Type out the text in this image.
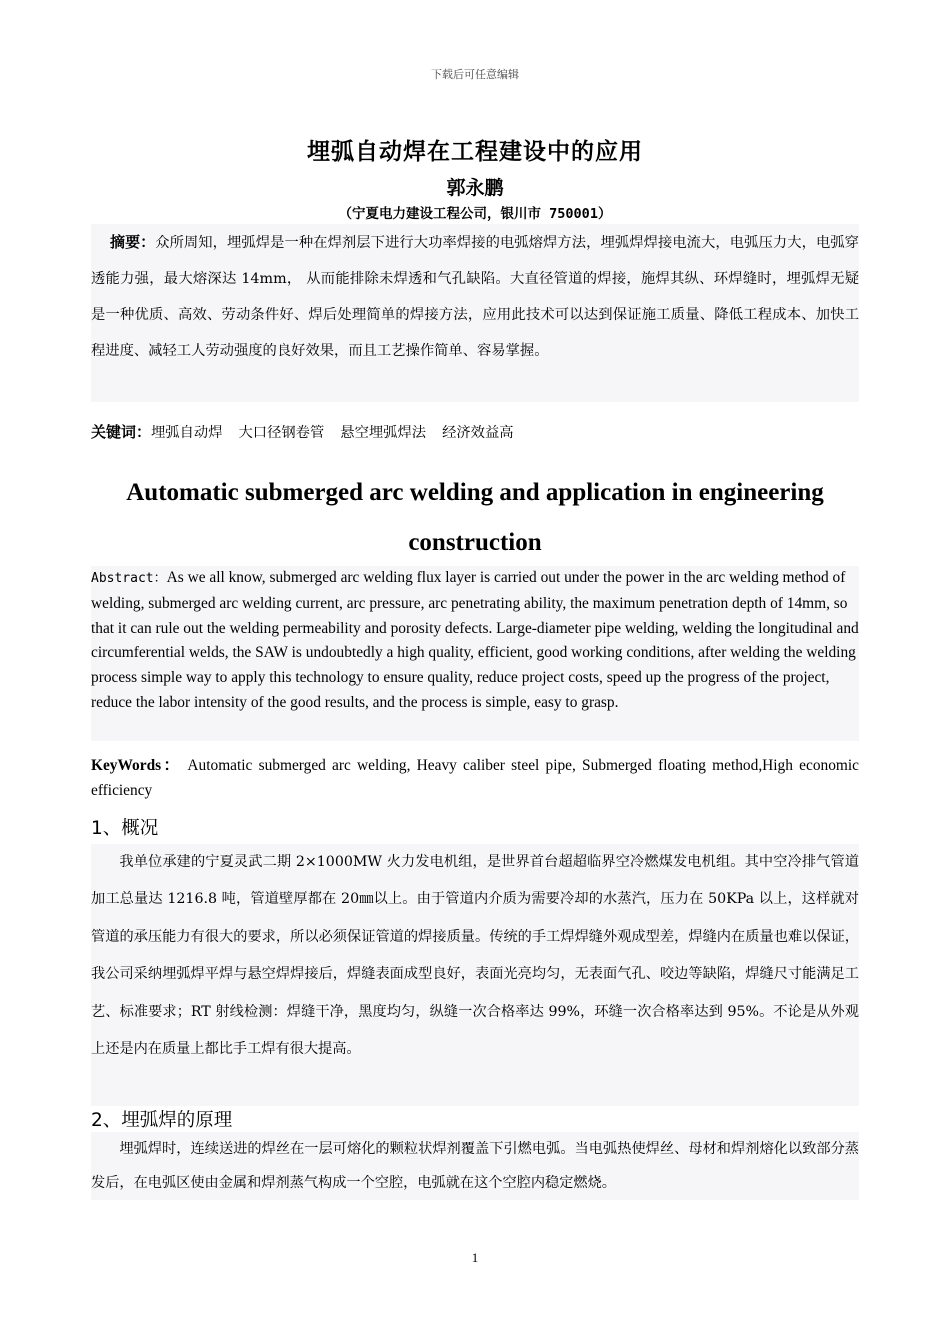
下载后可任意编辑
埋弧自动焊在工程建设中的应用
郭永鹏
（宁夏电力建设工程公司，银川市 750001）
摘要：众所周知，埋弧焊是一种在焊剂层下进行大功率焊接的电弧熔焊方法，埋弧焊焊接电流大，电弧压力大，电弧穿透能力强，最大熔深达 14mm， 从而能排除未焊透和气孔缺陷。大直径管道的焊接，施焊其纵、环焊缝时，埋弧焊无疑是一种优质、高效、劳动条件好、焊后处理简单的焊接方法，应用此技术可以达到保证施工质量、降低工程成本、加快工程进度、减轻工人劳动强度的良好效果，而且工艺操作简单、容易掌握。
关键词：埋弧自动焊 大口径钢卷管 悬空埋弧焊法 经济效益高
Automatic submerged arc welding and application in engineering construction
Abstract：As we all know, submerged arc welding flux layer is carried out under the power in the arc welding method of welding, submerged arc welding current, arc pressure, arc penetrating ability, the maximum penetration depth of 14mm, so that it can rule out the welding permeability and porosity defects. Large-diameter pipe welding, welding the longitudinal and circumferential welds, the SAW is undoubtedly a high quality, efficient, good working conditions, after welding the welding process simple way to apply this technology to ensure quality, reduce project costs, speed up the progress of the project, reduce the labor intensity of the good results, and the process is simple, easy to grasp.
KeyWords： Automatic submerged arc welding, Heavy caliber steel pipe, Submerged floating method,High economic efficiency
1、概况
我单位承建的宁夏灵武二期 2×1000MW 火力发电机组，是世界首台超超临界空冷燃煤发电机组。其中空冷排气管道加工总量达 1216.8 吨，管道壁厚都在 20㎜以上。由于管道内介质为需要冷却的水蒸汽，压力在 50KPa 以上，这样就对管道的承压能力有很大的要求，所以必须保证管道的焊接质量。传统的手工焊焊缝外观成型差，焊缝内在质量也难以保证，我公司采纳埋弧焊平焊与悬空焊焊接后，焊缝表面成型良好，表面光亮均匀，无表面气孔、咬边等缺陷，焊缝尺寸能满足工艺、标准要求；RT 射线检测：焊缝干净，黑度均匀，纵缝一次合格率达 99%，环缝一次合格率达到 95%。不论是从外观上还是内在质量上都比手工焊有很大提高。
2、埋弧焊的原理
埋弧焊时，连续送进的焊丝在一层可熔化的颗粒状焊剂覆盖下引燃电弧。当电弧热使焊丝、母材和焊剂熔化以致部分蒸发后，在电弧区使由金属和焊剂蒸气构成一个空腔，电弧就在这个空腔内稳定燃烧。
1
